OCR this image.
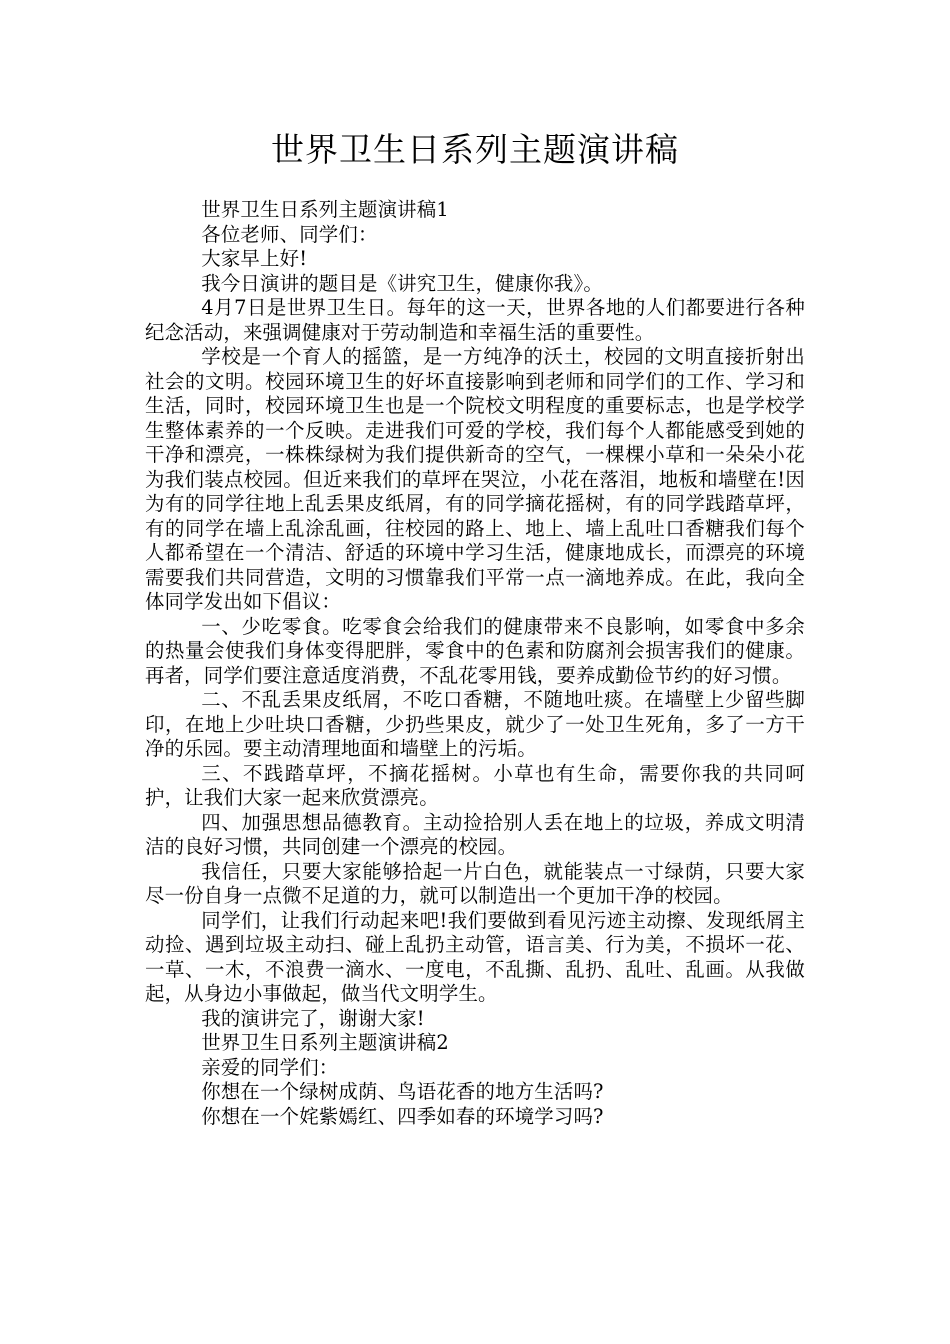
世界卫生日系列主题演讲稿

世界卫生日系列主题演讲稿1

各位老师、同学们：

大家早上好!

我今日演讲的题目是《讲究卫生，健康你我》。

4月7日是世界卫生日。每年的这一天，世界各地的人们都要进行各种纪念活动，来强调健康对于劳动制造和幸福生活的重要性。

学校是一个育人的摇篮，是一方纯净的沃土，校园的文明直接折射出社会的文明。校园环境卫生的好坏直接影响到老师和同学们的工作、学习和生活，同时，校园环境卫生也是一个院校文明程度的重要标志，也是学校学生整体素养的一个反映。走进我们可爱的学校，我们每个人都能感受到她的干净和漂亮，一株株绿树为我们提供新奇的空气，一棵棵小草和一朵朵小花为我们装点校园。但近来我们的草坪在哭泣，小花在落泪，地板和墙壁在!因为有的同学往地上乱丢果皮纸屑，有的同学摘花摇树，有的同学践踏草坪，有的同学在墙上乱涂乱画，往校园的路上、地上、墙上乱吐口香糖我们每个人都希望在一个清洁、舒适的环境中学习生活，健康地成长，而漂亮的环境需要我们共同营造，文明的习惯靠我们平常一点一滴地养成。在此，我向全体同学发出如下倡议：

一、少吃零食。吃零食会给我们的健康带来不良影响，如零食中多余的热量会使我们身体变得肥胖，零食中的色素和防腐剂会损害我们的健康。再者，同学们要注意适度消费，不乱花零用钱，要养成勤俭节约的好习惯。

二、不乱丢果皮纸屑，不吃口香糖，不随地吐痰。在墙壁上少留些脚印，在地上少吐块口香糖，少扔些果皮，就少了一处卫生死角，多了一方干净的乐园。要主动清理地面和墙壁上的污垢。

三、不践踏草坪，不摘花摇树。小草也有生命，需要你我的共同呵护，让我们大家一起来欣赏漂亮。

四、加强思想品德教育。主动捡拾别人丢在地上的垃圾，养成文明清洁的良好习惯，共同创建一个漂亮的校园。

我信任，只要大家能够拾起一片白色，就能装点一寸绿荫，只要大家尽一份自身一点微不足道的力，就可以制造出一个更加干净的校园。

同学们，让我们行动起来吧!我们要做到看见污迹主动擦、发现纸屑主动捡、遇到垃圾主动扫、碰上乱扔主动管，语言美、行为美，不损坏一花、一草、一木，不浪费一滴水、一度电，不乱撕、乱扔、乱吐、乱画。从我做起，从身边小事做起，做当代文明学生。

我的演讲完了，谢谢大家!

世界卫生日系列主题演讲稿2

亲爱的同学们：

你想在一个绿树成荫、鸟语花香的地方生活吗?

你想在一个姹紫嫣红、四季如春的环境学习吗?
